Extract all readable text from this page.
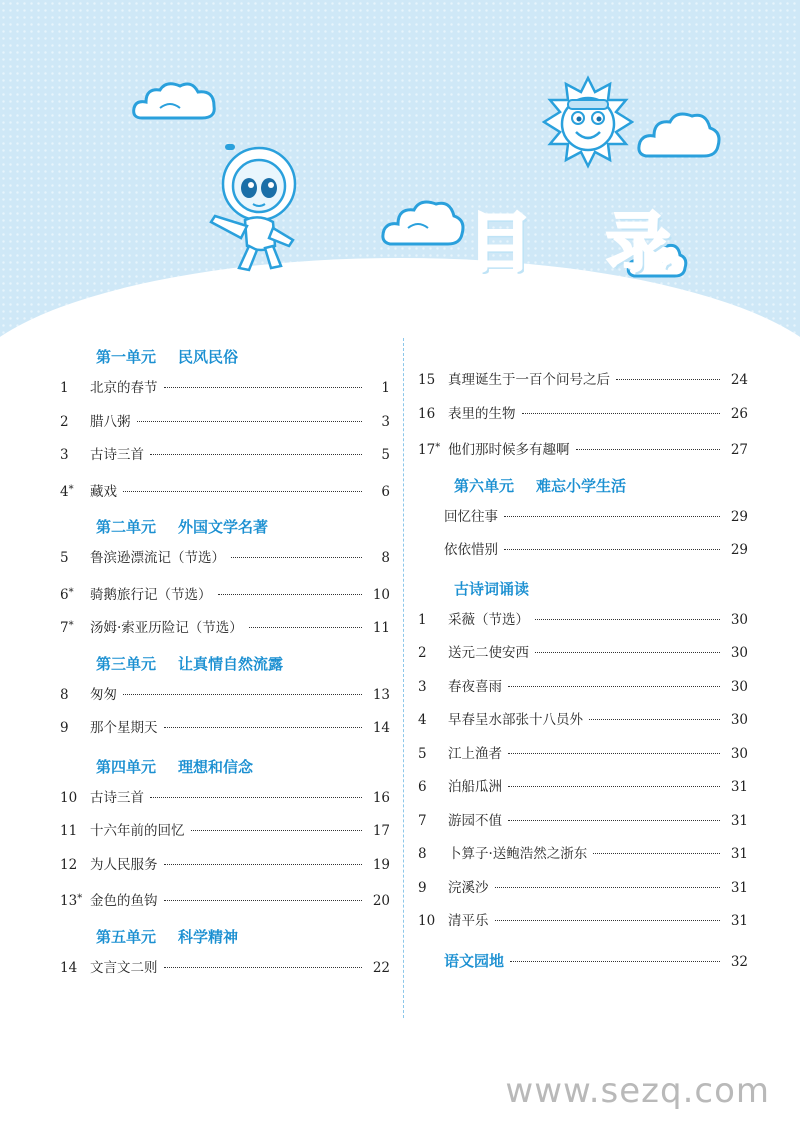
目 录
第一单元 民风民俗
1	北京的春节	1
2	腊八粥	3
3	古诗三首	5
4*	藏戏	6
第二单元 外国文学名著
5	鲁滨逊漂流记（节选）	8
6*	骑鹅旅行记（节选）	10
7*	汤姆·索亚历险记（节选）	11
第三单元 让真情自然流露
8	匆匆	13
9	那个星期天	14
第四单元 理想和信念
10 古诗三首	16
11 十六年前的回忆	17
12 为人民服务	19
13* 金色的鱼钩	20
第五单元 科学精神
14 文言文二则	22
15 真理诞生于一百个问号之后	24
16 表里的生物	26
17* 他们那时候多有趣啊	27
第六单元 难忘小学生活
回忆往事	29
依依惜别	29
古诗词诵读
1	采薇（节选）	30
2	送元二使安西	30
3	春夜喜雨	30
4	早春呈水部张十八员外	30
5	江上渔者	30
6	泊船瓜洲	31
7	游园不值	31
8	卜算子·送鲍浩然之浙东	31
9	浣溪沙	31
10 清平乐	31
语文园地	32
www.sezq.com
